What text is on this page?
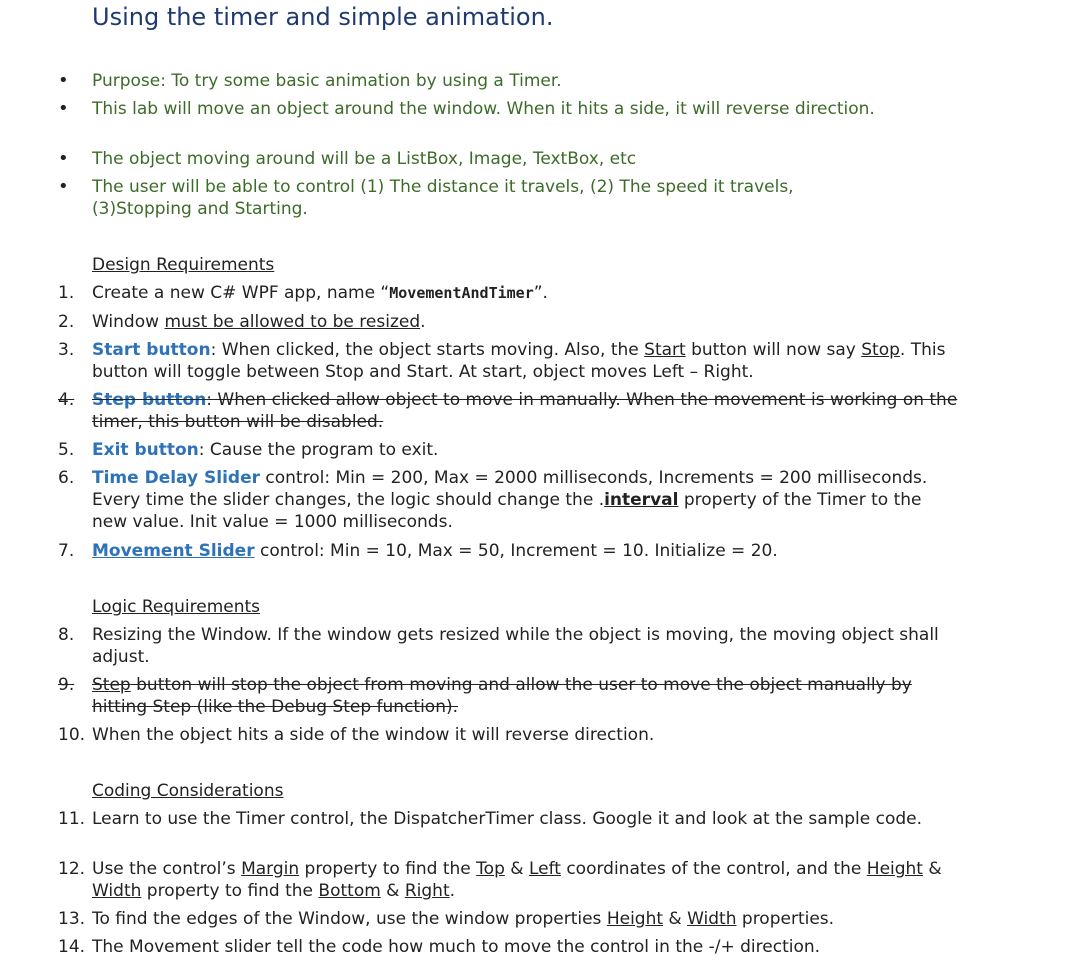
Using the timer and simple animation.
• Purpose: To try some basic animation by using a Timer.
• This lab will move an object around the window. When it hits a side, it will reverse direction.
• The object moving around will be a ListBox, Image, TextBox, etc
• The user will be able to control (1) The distance it travels, (2) The speed it travels, (3)Stopping and Starting.
Design Requirements
1. Create a new C# WPF app, name “MovementAndTimer”.
2. Window must be allowed to be resized.
3. Start button: When clicked, the object starts moving. Also, the Start button will now say Stop. This button will toggle between Stop and Start. At start, object moves Left – Right.
4. Step button: When clicked allow object to move in manually. When the movement is working on the timer, this button will be disabled.
5. Exit button: Cause the program to exit.
6. Time Delay Slider control: Min = 200, Max = 2000 milliseconds, Increments = 200 milliseconds. Every time the slider changes, the logic should change the .interval property of the Timer to the new value. Init value = 1000 milliseconds.
7. Movement Slider control: Min = 10, Max = 50, Increment = 10. Initialize = 20.
Logic Requirements
8. Resizing the Window. If the window gets resized while the object is moving, the moving object shall adjust.
9. Step button will stop the object from moving and allow the user to move the object manually by hitting Step (like the Debug Step function).
10. When the object hits a side of the window it will reverse direction.
Coding Considerations
11. Learn to use the Timer control, the DispatcherTimer class. Google it and look at the sample code.
12. Use the control’s Margin property to find the Top & Left coordinates of the control, and the Height & Width property to find the Bottom & Right.
13. To find the edges of the Window, use the window properties Height & Width properties.
14. The Movement slider tell the code how much to move the control in the -/+ direction.
